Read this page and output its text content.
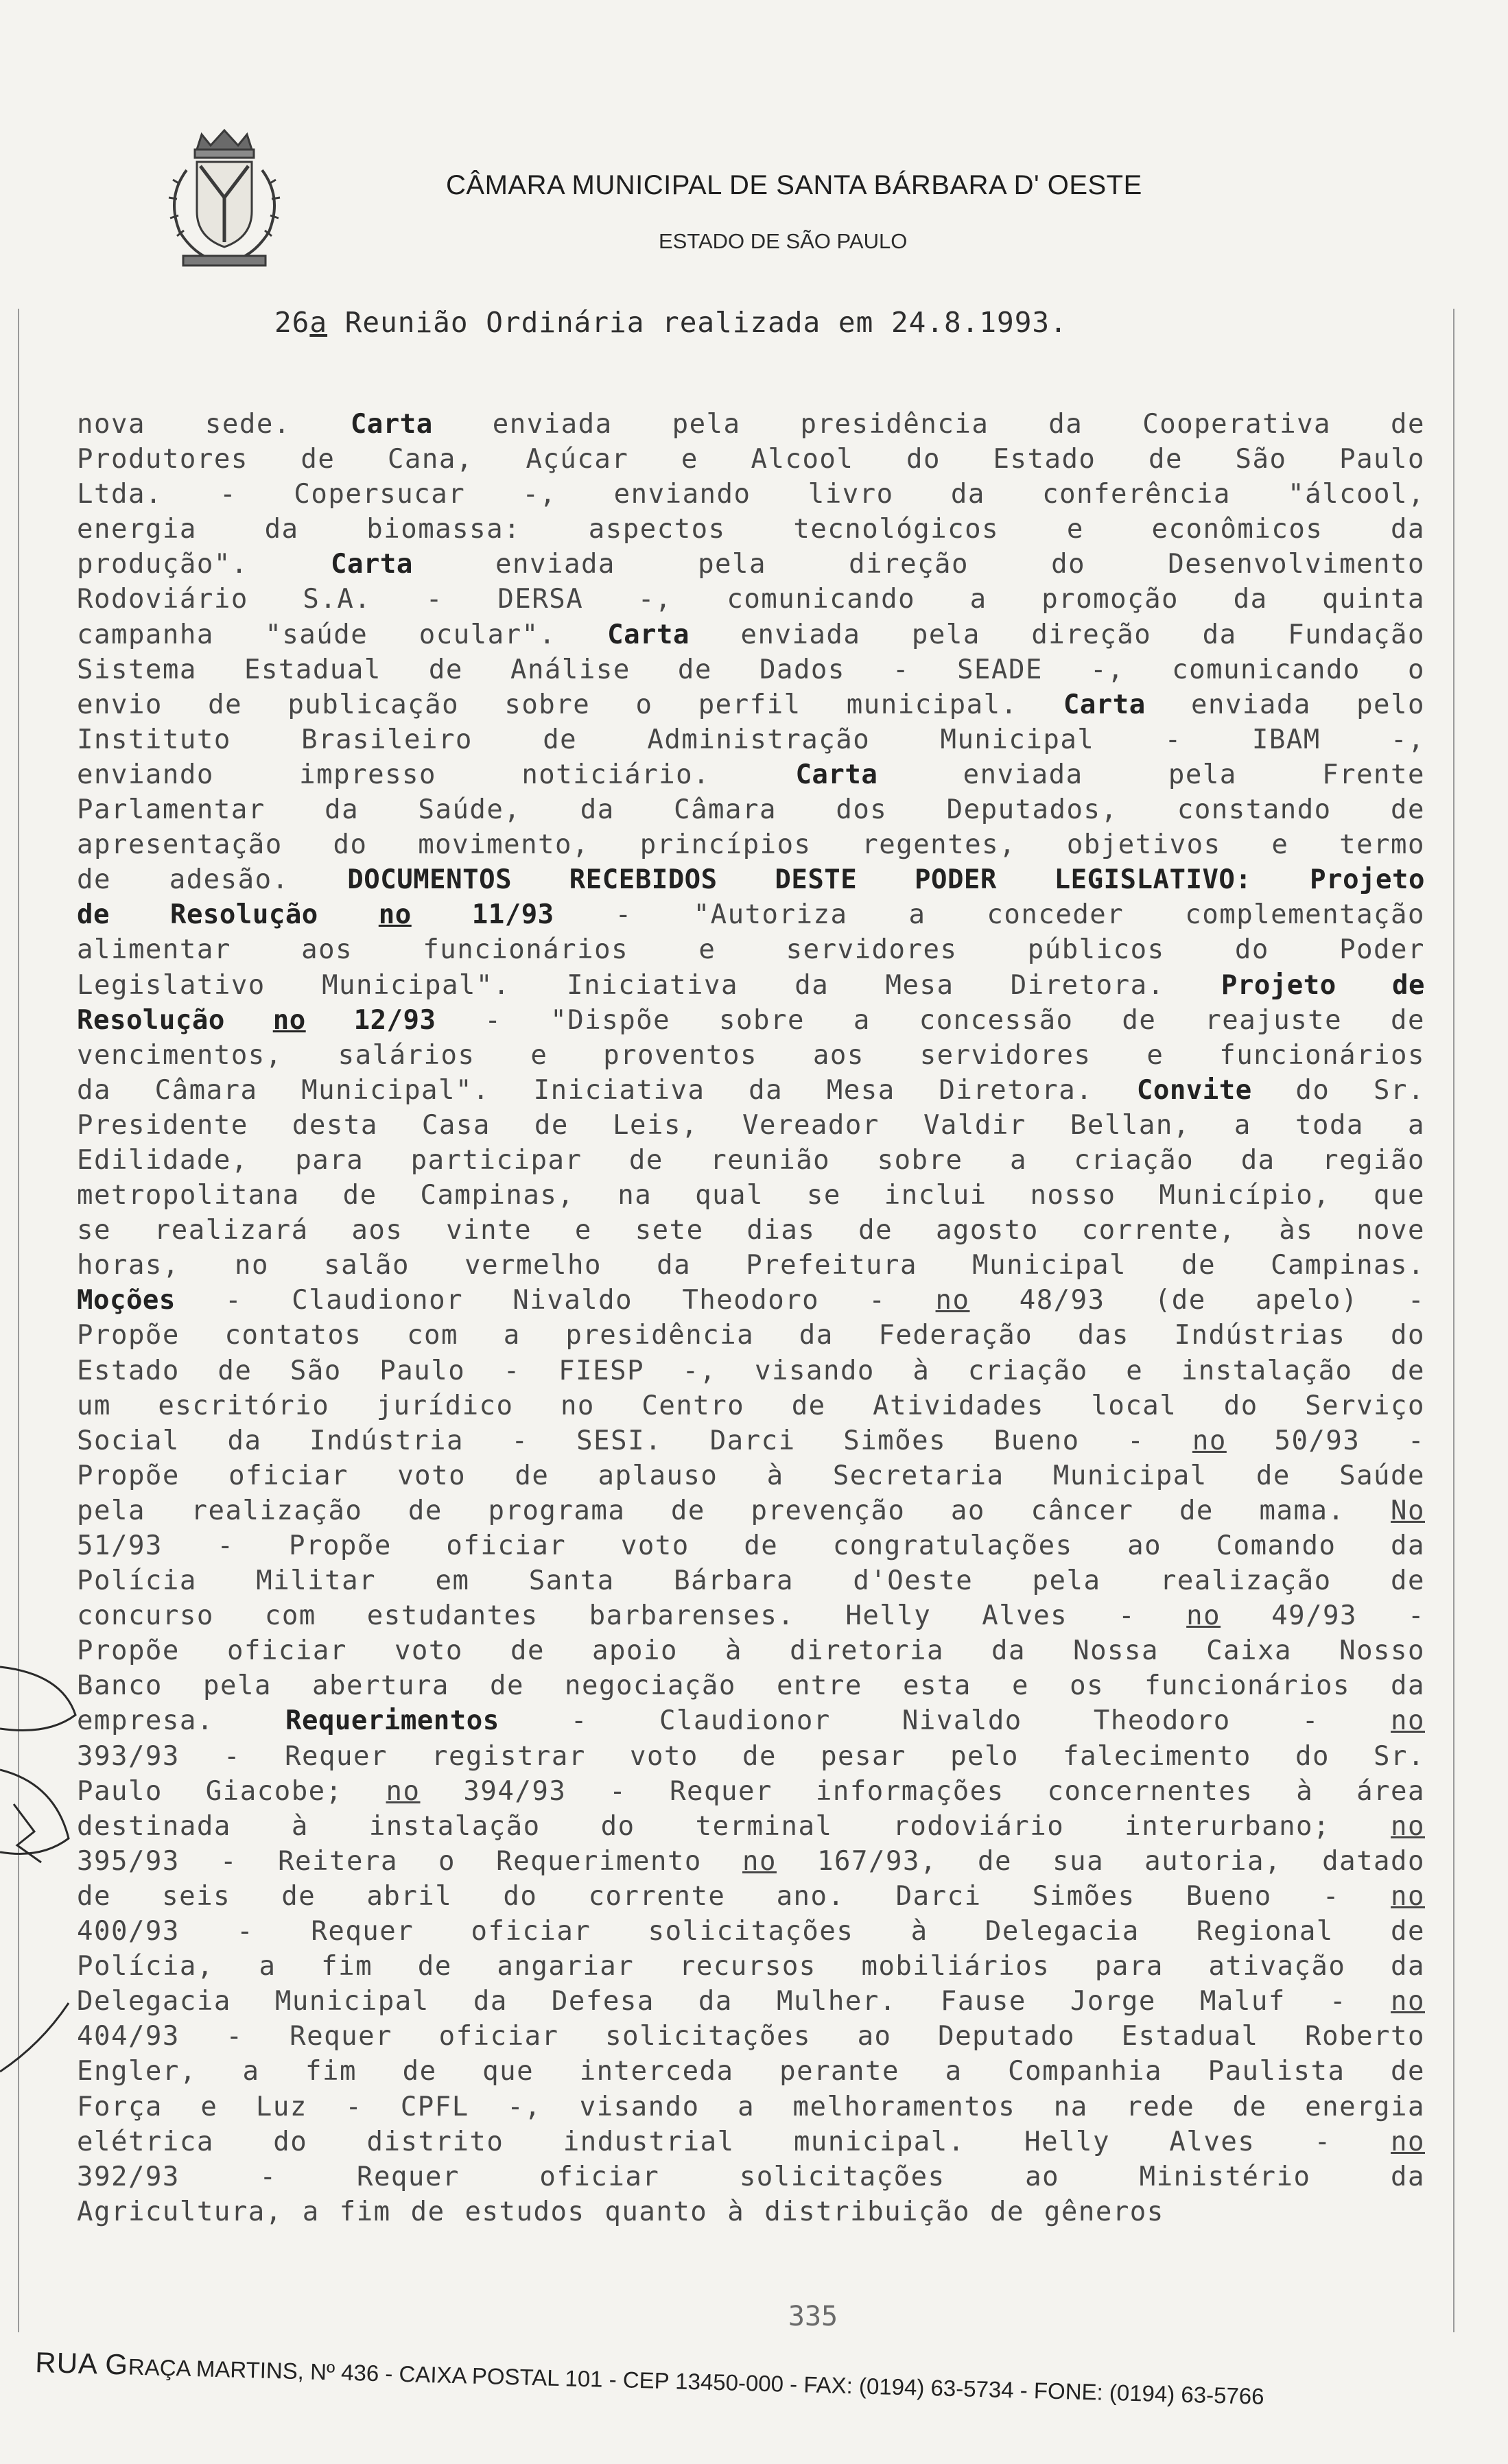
CÂMARA MUNICIPAL DE SANTA BÁRBARA D' OESTE
ESTADO DE SÃO PAULO
26a Reunião Ordinária realizada em 24.8.1993.
nova sede. Carta enviada pela presidência da Cooperativa de
Produtores de Cana, Açúcar e Alcool do Estado de São Paulo
Ltda. - Copersucar -, enviando livro da conferência "álcool,
energia da biomassa: aspectos tecnológicos e econômicos da
produção". Carta enviada pela direção do Desenvolvimento
Rodoviário S.A. - DERSA -, comunicando a promoção da quinta
campanha "saúde ocular". Carta enviada pela direção da Fundação
Sistema Estadual de Análise de Dados - SEADE -, comunicando o
envio de publicação sobre o perfil municipal. Carta enviada pelo
Instituto Brasileiro de Administração Municipal - IBAM -,
enviando impresso noticiário. Carta enviada pela Frente
Parlamentar da Saúde, da Câmara dos Deputados, constando de
apresentação do movimento, princípios regentes, objetivos e termo
de adesão. DOCUMENTOS RECEBIDOS DESTE PODER LEGISLATIVO: Projeto
de Resolução no 11/93 - "Autoriza a conceder complementação
alimentar aos funcionários e servidores públicos do Poder
Legislativo Municipal". Iniciativa da Mesa Diretora. Projeto de
Resolução no 12/93 - "Dispõe sobre a concessão de reajuste de
vencimentos, salários e proventos aos servidores e funcionários
da Câmara Municipal". Iniciativa da Mesa Diretora. Convite do Sr.
Presidente desta Casa de Leis, Vereador Valdir Bellan, a toda a
Edilidade, para participar de reunião sobre a criação da região
metropolitana de Campinas, na qual se inclui nosso Município, que
se realizará aos vinte e sete dias de agosto corrente, às nove
horas, no salão vermelho da Prefeitura Municipal de Campinas.
Moções - Claudionor Nivaldo Theodoro - no 48/93 (de apelo) -
Propõe contatos com a presidência da Federação das Indústrias do
Estado de São Paulo - FIESP -, visando à criação e instalação de
um escritório jurídico no Centro de Atividades local do Serviço
Social da Indústria - SESI. Darci Simões Bueno - no 50/93 -
Propõe oficiar voto de aplauso à Secretaria Municipal de Saúde
pela realização de programa de prevenção ao câncer de mama. No
51/93 - Propõe oficiar voto de congratulações ao Comando da
Polícia Militar em Santa Bárbara d'Oeste pela realização de
concurso com estudantes barbarenses. Helly Alves - no 49/93 -
Propõe oficiar voto de apoio à diretoria da Nossa Caixa Nosso
Banco pela abertura de negociação entre esta e os funcionários da
empresa. Requerimentos - Claudionor Nivaldo Theodoro - no
393/93 - Requer registrar voto de pesar pelo falecimento do Sr.
Paulo Giacobe; no 394/93 - Requer informações concernentes à área
destinada à instalação do terminal rodoviário interurbano; no
395/93 - Reitera o Requerimento no 167/93, de sua autoria, datado
de seis de abril do corrente ano. Darci Simões Bueno - no
400/93 - Requer oficiar solicitações à Delegacia Regional de
Polícia, a fim de angariar recursos mobiliários para ativação da
Delegacia Municipal da Defesa da Mulher. Fause Jorge Maluf - no
404/93 - Requer oficiar solicitações ao Deputado Estadual Roberto
Engler, a fim de que interceda perante a Companhia Paulista de
Força e Luz - CPFL -, visando a melhoramentos na rede de energia
elétrica do distrito industrial municipal. Helly Alves - no
392/93 - Requer oficiar solicitações ao Ministério da
Agricultura, a fim de estudos quanto à distribuição de gêneros
335
RUA GRAÇA MARTINS, Nº 436 - CAIXA POSTAL 101 - CEP 13450-000 - FAX: (0194) 63-5734 - FONE: (0194) 63-5766
